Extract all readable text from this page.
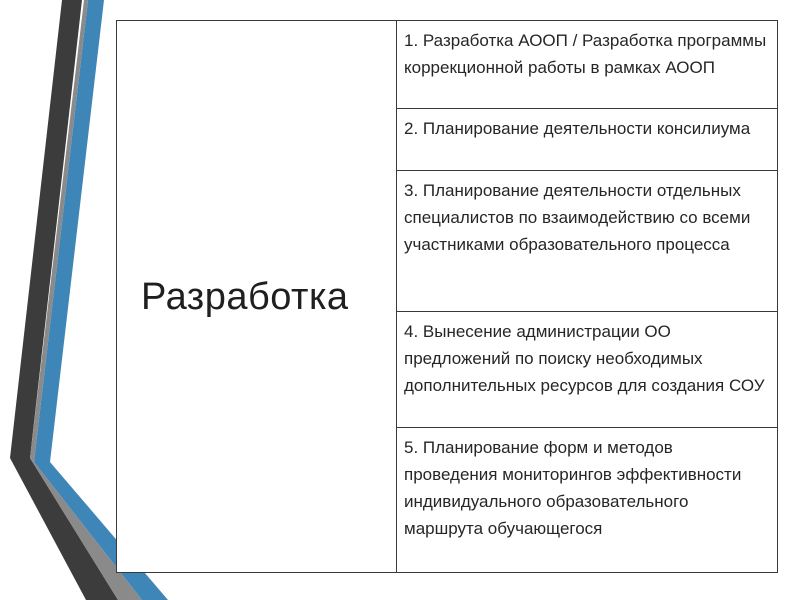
Разработка	1. Разработка АООП / Разработка программы коррекционной работы в рамках АООП
2. Планирование деятельности консилиума
3. Планирование деятельности отдельных специалистов по взаимодействию со всеми участниками образовательного процесса
4. Вынесение администрации ОО предложений по поиску необходимых дополнительных ресурсов для создания СОУ
5. Планирование форм и методов проведения мониторингов эффективности индивидуального образовательного маршрута обучающегося
